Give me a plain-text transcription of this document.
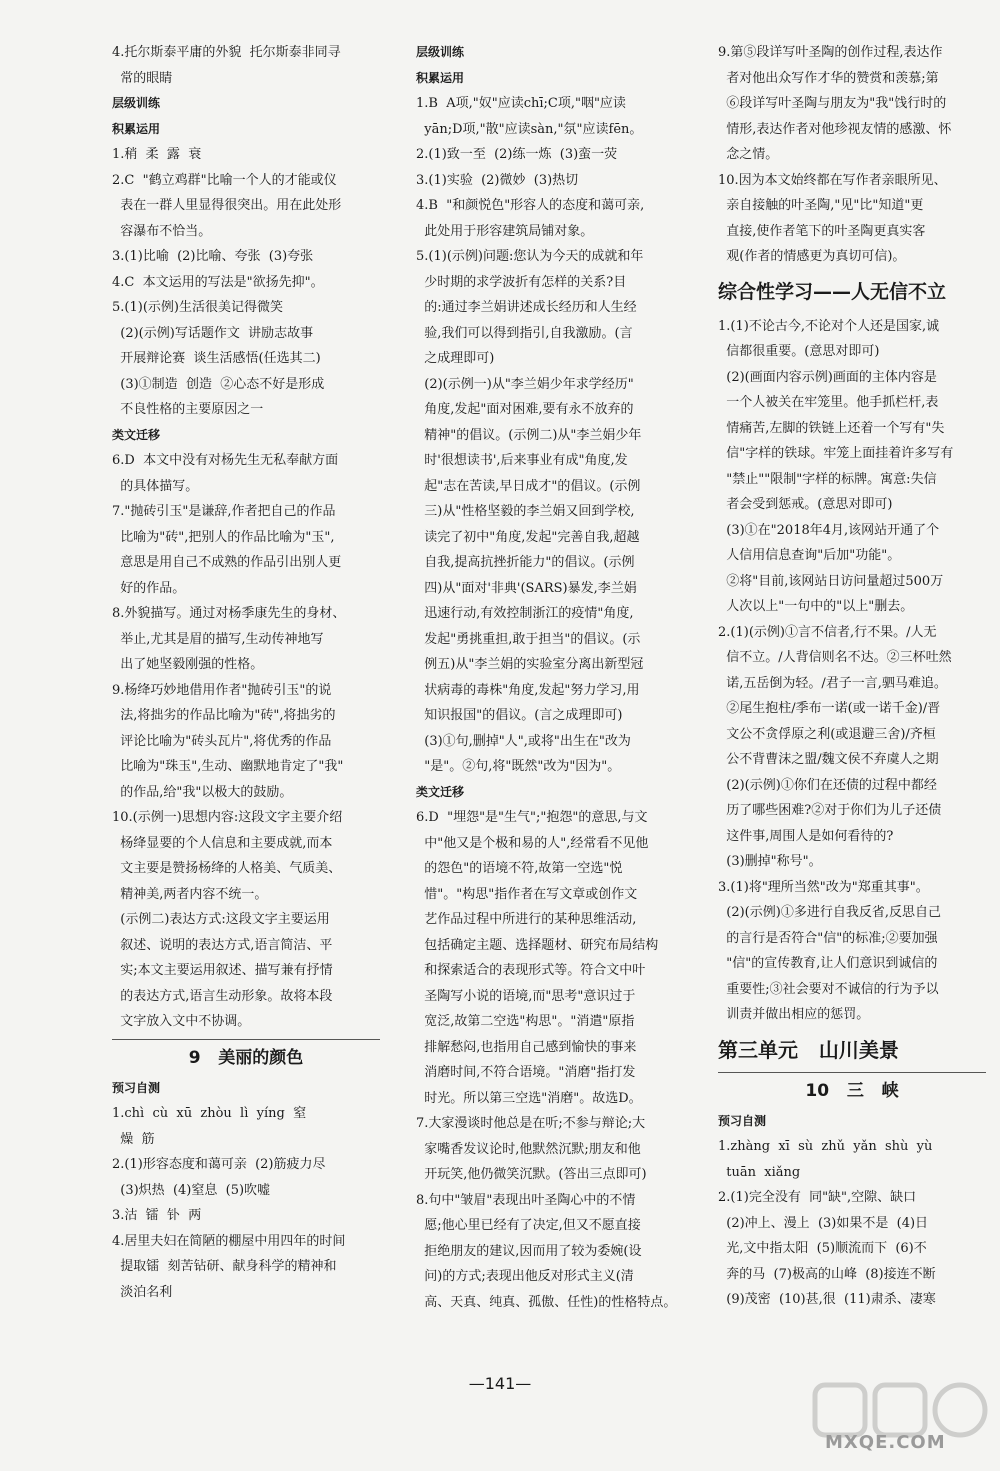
4.托尔斯泰平庸的外貌  托尔斯泰非同寻
常的眼睛
层级训练
积累运用
1.稍  柔  露  衰
2.C  "鹤立鸡群"比喻一个人的才能或仪
表在一群人里显得很突出。用在此处形
容瀑布不恰当。
3.(1)比喻  (2)比喻、夸张  (3)夸张
4.C  本文运用的写法是"欲扬先抑"。
5.(1)(示例)生活很美记得微笑
(2)(示例)写话题作文  讲励志故事
开展辩论赛  谈生活感悟(任选其二)
(3)①制造  创造  ②心态不好是形成
不良性格的主要原因之一
类文迁移
6.D  本文中没有对杨先生无私奉献方面
的具体描写。
7."抛砖引玉"是谦辞,作者把自己的作品
比喻为"砖",把别人的作品比喻为"玉",
意思是用自己不成熟的作品引出别人更
好的作品。
8.外貌描写。通过对杨季康先生的身材、
举止,尤其是眉的描写,生动传神地写
出了她坚毅刚强的性格。
9.杨绛巧妙地借用作者"抛砖引玉"的说
法,将拙劣的作品比喻为"砖",将拙劣的
评论比喻为"砖头瓦片",将优秀的作品
比喻为"珠玉",生动、幽默地肯定了"我"
的作品,给"我"以极大的鼓励。
10.(示例一)思想内容:这段文字主要介绍
杨绛显要的个人信息和主要成就,而本
文主要是赞扬杨绛的人格美、气质美、
精神美,两者内容不统一。
(示例二)表达方式:这段文字主要运用
叙述、说明的表达方式,语言简洁、平
实;本文主要运用叙述、描写兼有抒情
的表达方式,语言生动形象。故将本段
文字放入文中不协调。
9   美丽的颜色
预习自测
1.chì  cù  xū  zhòu  lì  yíng  窒
燥  筋
2.(1)形容态度和蔼可亲  (2)筋疲力尽
(3)炽热  (4)窒息  (5)吹嘘
3.沽  镭  钋  两
4.居里夫妇在简陋的棚屋中用四年的时间
提取镭  刻苦钻研、献身科学的精神和
淡泊名利
层级训练
积累运用
1.B  A项,"奴"应读chī;C项,"咽"应读
yān;D项,"散"应读sàn,"氛"应读fēn。
2.(1)致一至  (2)练一炼  (3)蛮一荧
3.(1)实验  (2)微妙  (3)热切
4.B  "和颜悦色"形容人的态度和蔼可亲,
此处用于形容建筑局铺对象。
5.(1)(示例)问题:您认为今天的成就和年
少时期的求学波折有怎样的关系?目
的:通过李兰娟讲述成长经历和人生经
验,我们可以得到指引,自我激励。(言
之成理即可)
(2)(示例一)从"李兰娟少年求学经历"
角度,发起"面对困难,要有永不放弃的
精神"的倡议。(示例二)从"李兰娟少年
时'很想读书',后来事业有成"角度,发
起"志在苦读,早日成才"的倡议。(示例
三)从"性格坚毅的李兰娟又回到学校,
读完了初中"角度,发起"完善自我,超越
自我,提高抗挫折能力"的倡议。(示例
四)从"面对'非典'(SARS)暴发,李兰娟
迅速行动,有效控制浙江的疫情"角度,
发起"勇挑重担,敢于担当"的倡议。(示
例五)从"李兰娟的实验室分离出新型冠
状病毒的毒株"角度,发起"努力学习,用
知识报国"的倡议。(言之成理即可)
(3)①句,删掉"人",或将"出生在"改为
"是"。②句,将"既然"改为"因为"。
类文迁移
6.D  "埋怨"是"生气";"抱怨"的意思,与文
中"他又是个极和易的人",经常看不见他
的怨色"的语境不符,故第一空选"悦
惜"。"构思"指作者在写文章或创作文
艺作品过程中所进行的某种思维活动,
包括确定主题、选择题材、研究布局结构
和探索适合的表现形式等。符合文中叶
圣陶写小说的语境,而"思考"意识过于
宽泛,故第二空选"构思"。"消遣"原指
排解愁闷,也指用自己感到愉快的事来
消磨时间,不符合语境。"消磨"指打发
时光。所以第三空选"消磨"。故选D。
7.大家漫谈时他总是在听;不参与辩论;大
家嘴香发议论时,他默然沉默;朋友和他
开玩笑,他仍微笑沉默。(答出三点即可)
8.句中"皱眉"表现出叶圣陶心中的不情
愿;他心里已经有了决定,但又不愿直接
拒绝朋友的建议,因而用了较为委婉(设
问)的方式;表现出他反对形式主义(清
高、天真、纯真、孤傲、任性)的性格特点。
9.第⑤段详写叶圣陶的创作过程,表达作
者对他出众写作才华的赞赏和羡慕;第
⑥段详写叶圣陶与朋友为"我"饯行时的
情形,表达作者对他珍视友情的感激、怀
念之情。
10.因为本文始终都在写作者亲眼所见、
亲自接触的叶圣陶,"见"比"知道"更
直接,使作者笔下的叶圣陶更真实客
观(作者的情感更为真切可信)。
综合性学习——人无信不立
1.(1)不论古今,不论对个人还是国家,诚
信都很重要。(意思对即可)
(2)(画面内容示例)画面的主体内容是
一个人被关在牢笼里。他手抓栏杆,表
情痛苦,左脚的铁链上还着一个写有"失
信"字样的铁球。牢笼上面挂着许多写有
"禁止""限制"字样的标牌。寓意:失信
者会受到惩戒。(意思对即可)
(3)①在"2018年4月,该网站开通了个
人信用信息查询"后加"功能"。
②将"目前,该网站日访问量超过500万
人次以上"一句中的"以上"删去。
2.(1)(示例)①言不信者,行不果。/人无
信不立。/人背信则名不达。②三杯吐然
诺,五岳倒为轻。/君子一言,驷马难追。
②尾生抱柱/季布一诺(或一诺千金)/晋
文公不贪俘原之利(或退避三舍)/齐桓
公不背曹沫之盟/魏文侯不弃虞人之期
(2)(示例)①你们在还债的过程中都经
历了哪些困难?②对于你们为儿子还债
这件事,周围人是如何看待的?
(3)删掉"称号"。
3.(1)将"理所当然"改为"郑重其事"。
(2)(示例)①多进行自我反省,反思自己
的言行是否符合"信"的标准;②要加强
"信"的宣传教育,让人们意识到诚信的
重要性;③社会要对不诚信的行为予以
训责并做出相应的惩罚。
第三单元   山川美景
10   三   峡
预习自测
1.zhàng  xī  sù  zhǔ  yǎn  shù  yù
tuān  xiǎng
2.(1)完全没有  同"缺",空隙、缺口
(2)冲上、漫上  (3)如果不是  (4)日
光,文中指太阳  (5)顺流而下  (6)不
奔的马  (7)极高的山峰  (8)接连不断
(9)茂密  (10)甚,很  (11)肃杀、凄寒
—141—
MXQE.COM
